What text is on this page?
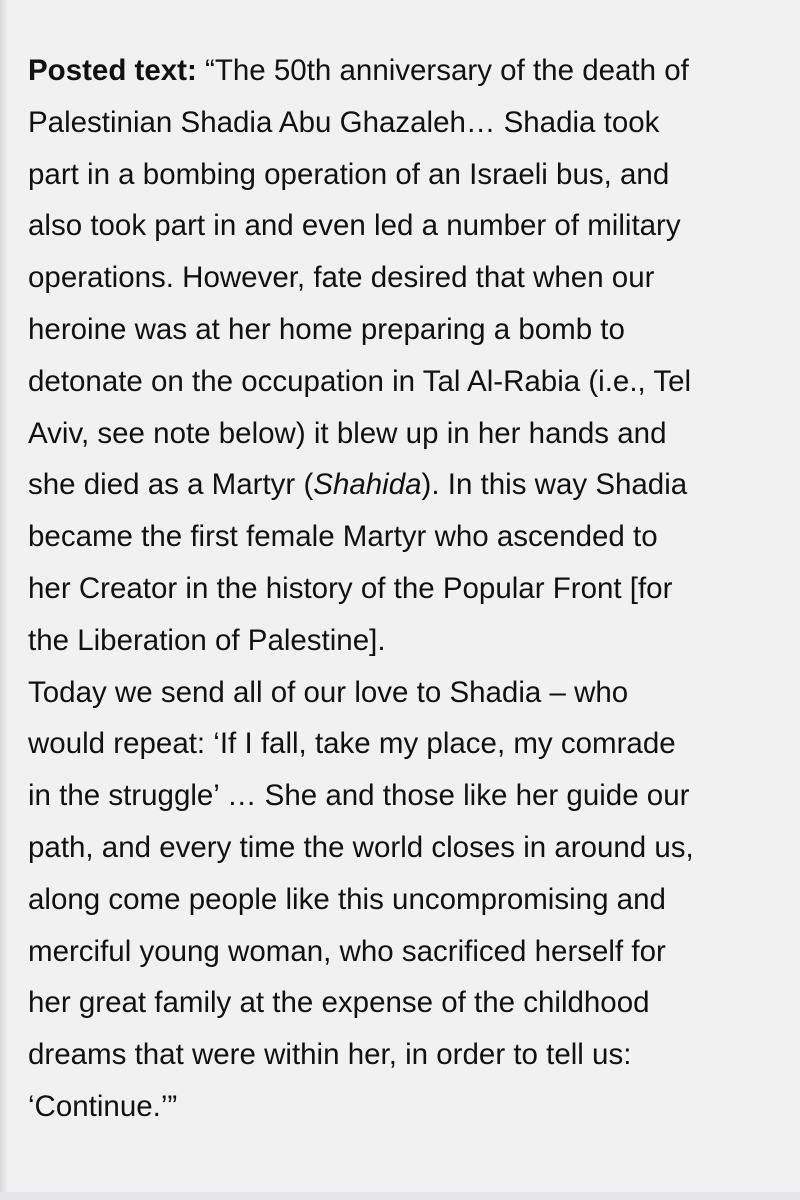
Posted text: “The 50th anniversary of the death of
Palestinian Shadia Abu Ghazaleh… Shadia took
part in a bombing operation of an Israeli bus, and
also took part in and even led a number of military
operations. However, fate desired that when our
heroine was at her home preparing a bomb to
detonate on the occupation in Tal Al-Rabia (i.e., Tel
Aviv, see note below) it blew up in her hands and
she died as a Martyr (Shahida). In this way Shadia
became the first female Martyr who ascended to
her Creator in the history of the Popular Front [for
the Liberation of Palestine].
Today we send all of our love to Shadia – who
would repeat: ‘If I fall, take my place, my comrade
in the struggle’ … She and those like her guide our
path, and every time the world closes in around us,
along come people like this uncompromising and
merciful young woman, who sacrificed herself for
her great family at the expense of the childhood
dreams that were within her, in order to tell us:
‘Continue.’”
